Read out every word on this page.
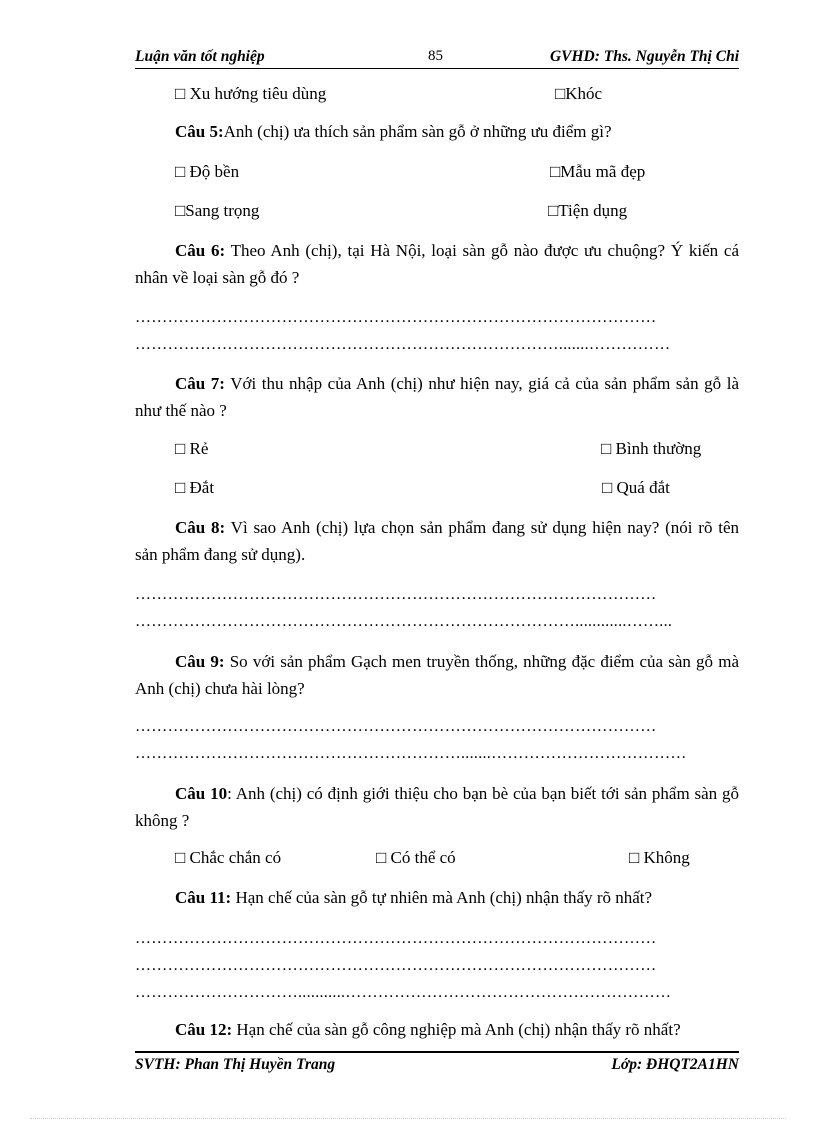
Luận văn tốt nghiệp	85	GVHD: Ths. Nguyễn Thị Chi
□ Xu hướng tiêu dùng	□Khóc
Câu 5:Anh (chị) ưa thích sản phẩm sàn gỗ ở những ưu điểm gì?
□ Độ bền	□Mẫu mã đẹp
□Sang trọng	□Tiện dụng
Câu 6: Theo Anh (chị), tại Hà Nội, loại sàn gỗ nào được ưu chuộng? Ý kiến cá nhân về loại sàn gỗ đó ?
……………………………………………………………………………………
…………………………………………………………………….......……………
Câu 7: Với thu nhập của Anh (chị) như hiện nay, giá cả của sản phẩm sản gỗ là như thế nào ?
□ Rẻ	□ Bình thường
□ Đắt	□ Quá đắt
Câu 8: Vì sao Anh (chị) lựa chọn sản phẩm đang sử dụng hiện nay? (nói rõ tên sản phẩm đang sử dụng).
……………………………………………………………………………………
………………………………………………………………………............……...
Câu 9: So với sản phẩm Gạch men truyền thống, những đặc điểm của sàn gỗ mà Anh (chị) chưa hài lòng?
……………………………………………………………………………………
…………………………………………………….......………………………………
Câu 10: Anh (chị) có định giới thiệu cho bạn bè của bạn biết tới sản phẩm sàn gỗ không ?
□ Chắc chắn có	□ Có thể có	□ Không
Câu 11: Hạn chế của sàn gỗ tự nhiên mà Anh (chị) nhận thấy rõ nhất?
……………………………………………………………………………………
……………………………………………………………………………………
…………………………...........……………………………………………………
Câu 12: Hạn chế của sàn gỗ công nghiệp mà Anh (chị) nhận thấy rõ nhất?
SVTH: Phan Thị Huyền Trang	Lớp: ĐHQT2A1HN
